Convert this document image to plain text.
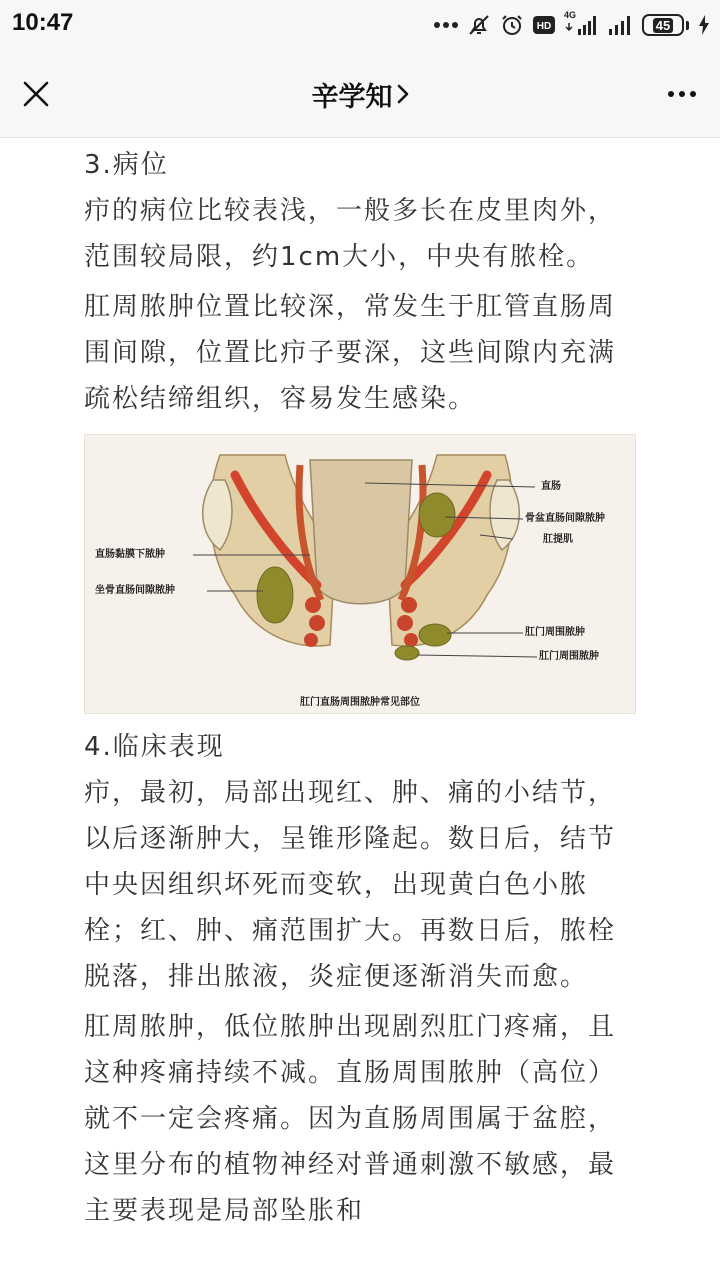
10:47	HD
4G
45
辛学知

3.病位

疖的病位比较表浅，一般多长在皮里肉外，范围较局限，约1cm大小，中央有脓栓。

肛周脓肿位置比较深，常发生于肛管直肠周围间隙，位置比疖子要深，这些间隙内充满疏松结缔组织，容易发生感染。

直肠
骨盆直肠间隙脓肿
肛提肌
直肠黏膜下脓肿
坐骨直肠间隙脓肿
肛门周围脓肿
肛门周围脓肿
肛门直肠周围脓肿常见部位

4.临床表现

疖，最初，局部出现红、肿、痛的小结节，以后逐渐肿大，呈锥形隆起。数日后，结节中央因组织坏死而变软，出现黄白色小脓栓；红、肿、痛范围扩大。再数日后，脓栓脱落，排出脓液，炎症便逐渐消失而愈。

肛周脓肿，低位脓肿出现剧烈肛门疼痛，且这种疼痛持续不减。直肠周围脓肿（高位）就不一定会疼痛。因为直肠周围属于盆腔，这里分布的植物神经对普通刺激不敏感，最主要表现是局部坠胀和
